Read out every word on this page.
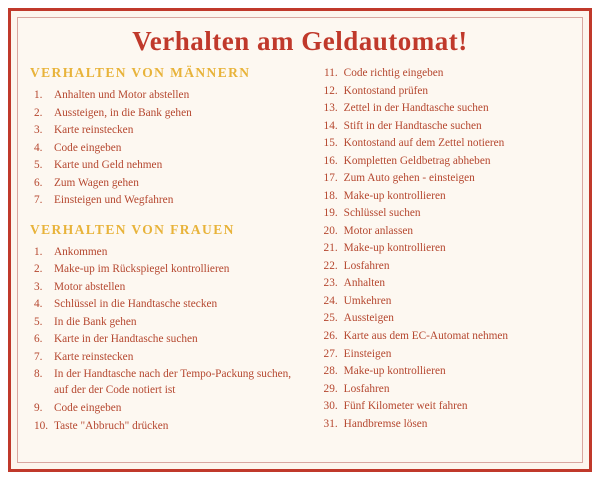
Verhalten am Geldautomat!
VERHALTEN VON MÄNNERN
1.	Anhalten und Motor abstellen
2.	Aussteigen, in die Bank gehen
3.	Karte reinstecken
4.	Code eingeben
5.	Karte und Geld nehmen
6.	Zum Wagen gehen
7.	Einsteigen und Wegfahren
VERHALTEN VON FRAUEN
1.	Ankommen
2.	Make-up im Rückspiegel kontrollieren
3.	Motor abstellen
4.	Schlüssel in die Handtasche stecken
5.	In die Bank gehen
6.	Karte in der Handtasche suchen
7.	Karte reinstecken
8.	In der Handtasche nach der Tempo-Packung suchen, auf der der Code notiert ist
9.	Code eingeben
10. Taste "Abbruch" drücken
11. Code richtig eingeben
12. Kontostand prüfen
13. Zettel in der Handtasche suchen
14. Stift in der Handtasche suchen
15. Kontostand auf dem Zettel notieren
16. Kompletten Geldbetrag abheben
17. Zum Auto gehen - einsteigen
18. Make-up kontrollieren
19. Schlüssel suchen
20. Motor anlassen
21. Make-up kontrollieren
22. Losfahren
23. Anhalten
24. Umkehren
25. Aussteigen
26. Karte aus dem EC-Automat nehmen
27. Einsteigen
28. Make-up kontrollieren
29. Losfahren
30. Fünf Kilometer weit fahren
31. Handbremse lösen
